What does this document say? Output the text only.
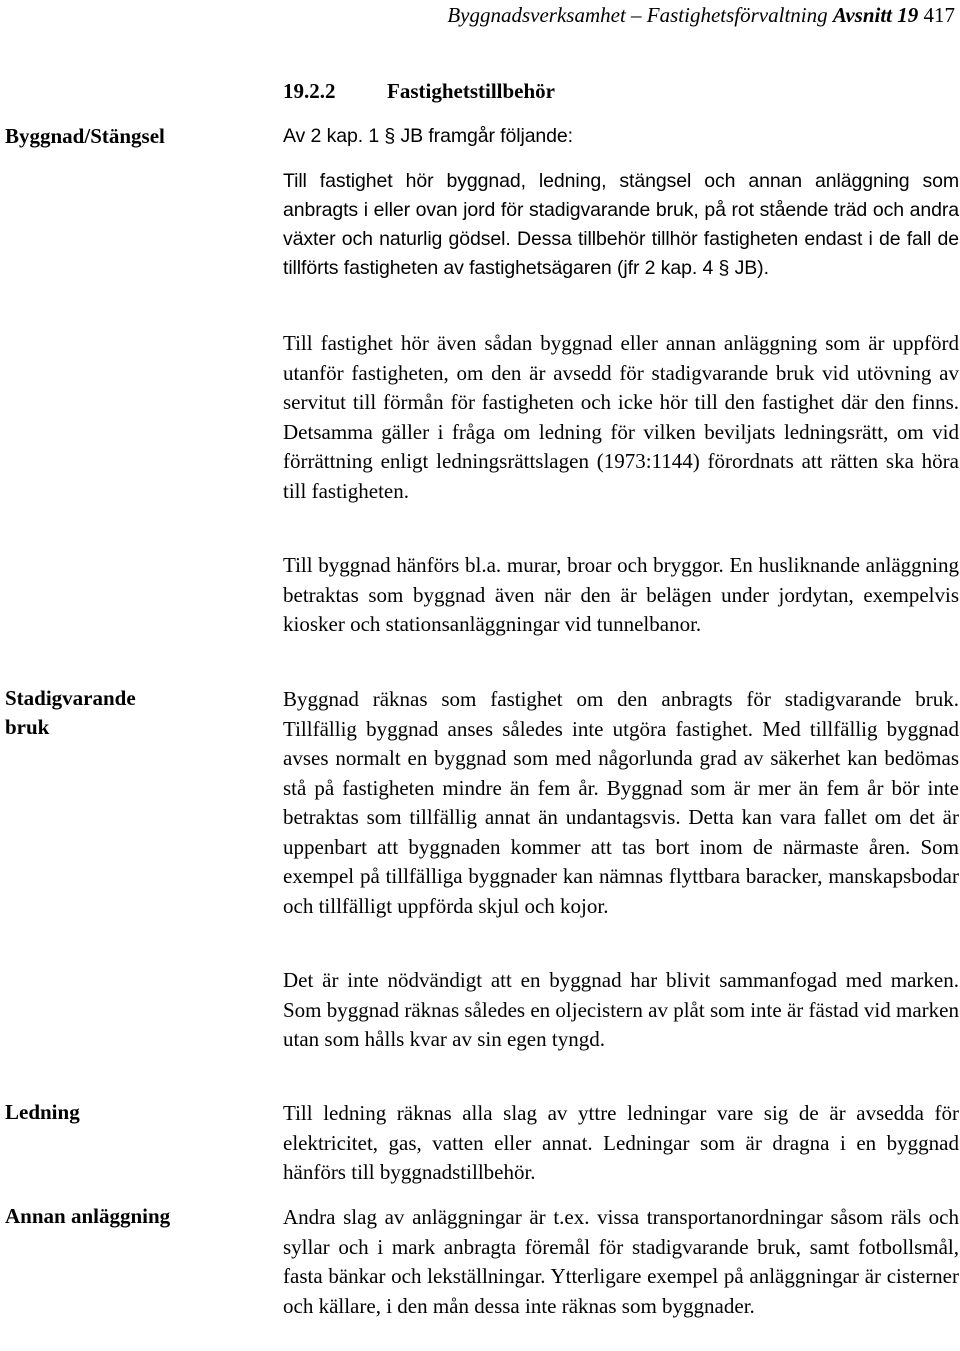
Byggnadsverksamhet – Fastighetsförvaltning Avsnitt 19 417
19.2.2 Fastighetstillbehör
Byggnad/Stängsel
Stadigvarande
bruk
Ledning
Annan anläggning

Av 2 kap. 1 § JB framgår följande:

Till fastighet hör byggnad, ledning, stängsel och annan anläggning som anbragts i eller ovan jord för stadigvarande bruk, på rot stående träd och andra växter och naturlig gödsel. Dessa tillbehör tillhör fastigheten endast i de fall de tillförts fastigheten av fastighetsägaren (jfr 2 kap. 4 § JB).

Till fastighet hör även sådan byggnad eller annan anläggning som är uppförd utanför fastigheten, om den är avsedd för stadigvarande bruk vid utövning av servitut till förmån för fastigheten och icke hör till den fastighet där den finns. Detsamma gäller i fråga om ledning för vilken beviljats ledningsrätt, om vid förrättning enligt ledningsrättslagen (1973:1144) förordnats att rätten ska höra till fastigheten.

Till byggnad hänförs bl.a. murar, broar och bryggor. En husliknande anläggning betraktas som byggnad även när den är belägen under jordytan, exempelvis kiosker och stationsanläggningar vid tunnelbanor.

Byggnad räknas som fastighet om den anbragts för stadigvarande bruk. Tillfällig byggnad anses således inte utgöra fastighet. Med tillfällig byggnad avses normalt en byggnad som med någorlunda grad av säkerhet kan bedömas stå på fastigheten mindre än fem år. Byggnad som är mer än fem år bör inte betraktas som tillfällig annat än undantagsvis. Detta kan vara fallet om det är uppenbart att byggnaden kommer att tas bort inom de närmaste åren. Som exempel på tillfälliga byggnader kan nämnas flyttbara baracker, manskapsbodar och tillfälligt uppförda skjul och kojor.

Det är inte nödvändigt att en byggnad har blivit sammanfogad med marken. Som byggnad räknas således en oljecistern av plåt som inte är fästad vid marken utan som hålls kvar av sin egen tyngd.

Till ledning räknas alla slag av yttre ledningar vare sig de är avsedda för elektricitet, gas, vatten eller annat. Ledningar som är dragna i en byggnad hänförs till byggnadstillbehör.

Andra slag av anläggningar är t.ex. vissa transportanordningar såsom räls och syllar och i mark anbragta föremål för stadigvarande bruk, samt fotbollsmål, fasta bänkar och lekställningar. Ytterligare exempel på anläggningar är cisterner och källare, i den mån dessa inte räknas som byggnader.
